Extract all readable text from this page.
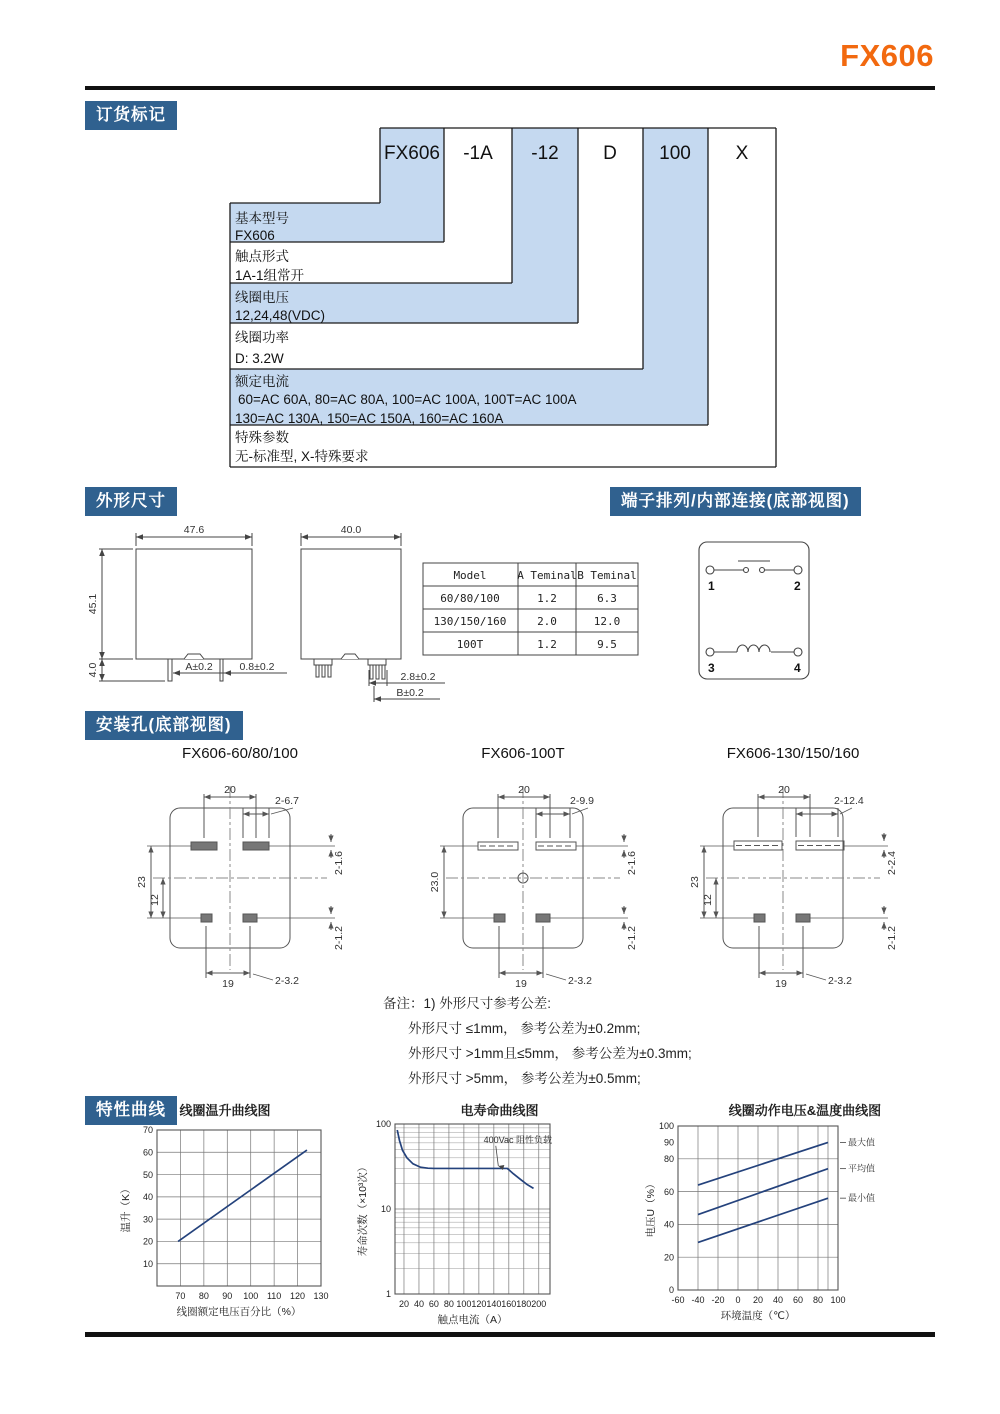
FX606
订货标记
外形尺寸	端子排列/内部连接(底部视图)
安装孔(底部视图)
特性曲线
FX606 -1A -12 D 100 X
基本型号
FX606
触点形式
1A-1组常开
线圈电压
12,24,48(VDC)
线圈功率
D: 3.2W
额定电流
60=AC 60A, 80=AC 80A, 100=AC 100A, 100T=AC 100A
130=AC 130A, 150=AC 150A, 160=AC 160A
特殊参数
无-标准型, X-特殊要求
47.6
45.1
4.0	A±0.2	0.8±0.2
40.0
2.8±0.2
B±0.2
Model	A Teminal B Teminal
60/80/100	1.2	6.3
130/150/160	2.0	12.0
100T	1.2	9.5
1	2
3	4
FX606-60/80/100	FX606-100T	FX606-130/150/160
20
2-6.7
2-1.6
23
12
2-1.2
19	2-3.2
20
2-9.9
2-1.6
23.0
2-1.2
19	2-3.2
20
2-12.4
2-2.4
23
12
2-1.2
19	2-3.2
备注：1) 外形尺寸参考公差:
外形尺寸 ≤1mm， 参考公差为±0.2mm;
外形尺寸 >1mm且≤5mm， 参考公差为±0.3mm;
外形尺寸 >5mm， 参考公差为±0.5mm;
线圈温升曲线图
70 80 90 100 110 120 130
10
20
30
40
50
60
70
线圈额定电压百分比（%）
温升（K）
电寿命曲线图
20 40 60 80 100 120 140 160 180 200
1
10
100
触点电流（A）
寿命次数（×10³次）
400Vac 阻性负载
线圈动作电压&温度曲线图
-60 -40 -20 0 20 40 60 80 100
0
20
40
60
80
90
100
环境温度（℃）
电压U（%）
最大值
平均值
最小值
